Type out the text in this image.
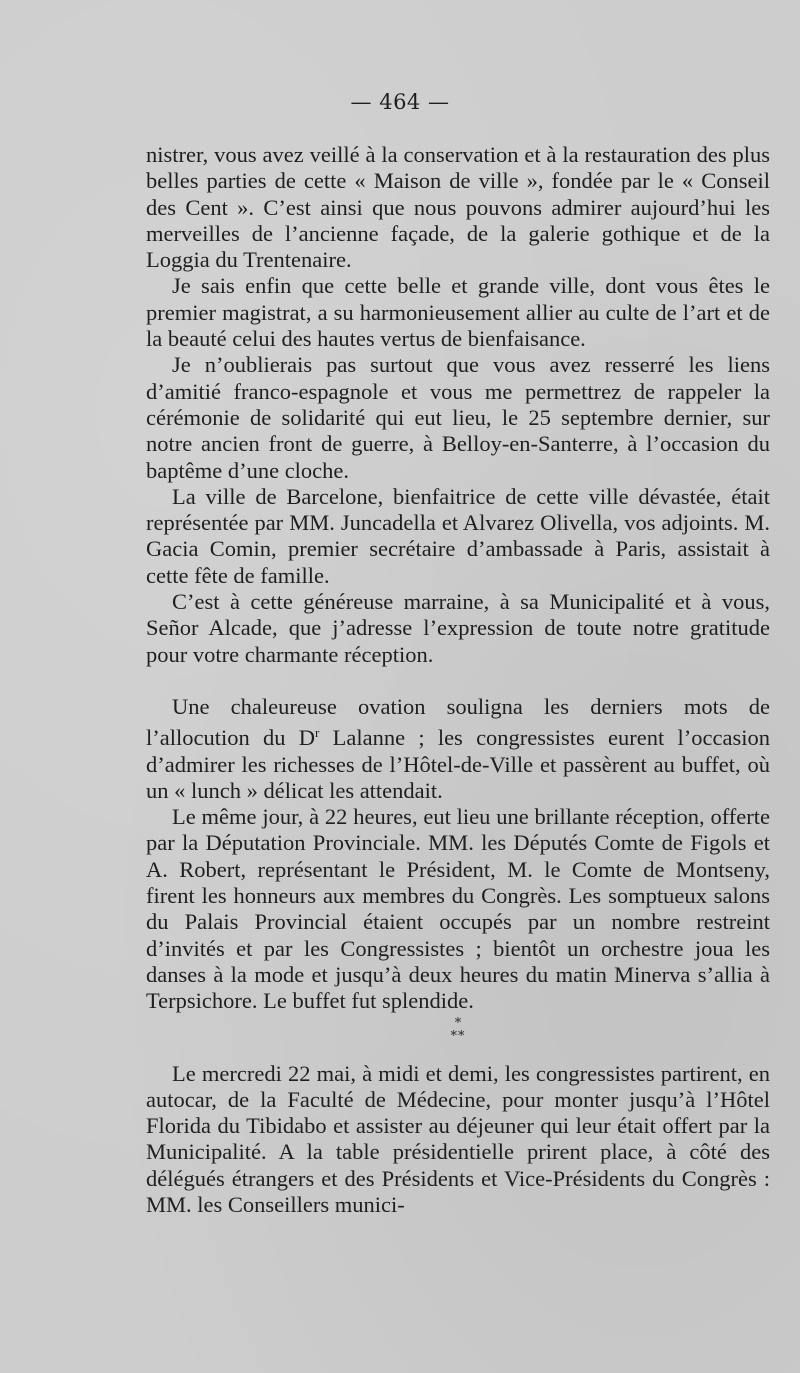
— 464 —

nistrer, vous avez veillé à la conservation et à la restauration des plus belles parties de cette « Maison de ville », fondée par le « Conseil des Cent ». C’est ainsi que nous pouvons admirer aujourd’hui les merveilles de l’ancienne façade, de la galerie gothique et de la Loggia du Trentenaire.

Je sais enfin que cette belle et grande ville, dont vous êtes le premier magistrat, a su harmonieusement allier au culte de l’art et de la beauté celui des hautes vertus de bienfaisance.

Je n’oublierais pas surtout que vous avez resserré les liens d’amitié franco-espagnole et vous me permettrez de rappeler la cérémonie de solidarité qui eut lieu, le 25 septembre dernier, sur notre ancien front de guerre, à Belloy-en-Santerre, à l’occasion du baptême d’une cloche.

La ville de Barcelone, bienfaitrice de cette ville dévastée, était représentée par MM. Juncadella et Alvarez Olivella, vos adjoints. M. Gacia Comin, premier secrétaire d’ambassade à Paris, assistait à cette fête de famille.

C’est à cette généreuse marraine, à sa Municipalité et à vous, Señor Alcade, que j’adresse l’expression de toute notre gratitude pour votre charmante réception.

Une chaleureuse ovation souligna les derniers mots de l’allocution du $D^r$ Lalanne ; les congressistes eurent l’occasion d’admirer les richesses de l’Hôtel-de-Ville et passèrent au buffet, où un « lunch » délicat les attendait.

Le même jour, à 22 heures, eut lieu une brillante réception, offerte par la Députation Provinciale. MM. les Députés Comte de Figols et A. Robert, représentant le Président, M. le Comte de Montseny, firent les honneurs aux membres du Congrès. Les somptueux salons du Palais Provincial étaient occupés par un nombre restreint d’invités et par les Congressistes ; bientôt un orchestre joua les danses à la mode et jusqu’à deux heures du matin Minerva s’allia à Terpsichore. Le buffet fut splendide.

*
**

Le mercredi 22 mai, à midi et demi, les congressistes partirent, en autocar, de la Faculté de Médecine, pour monter jusqu’à l’Hôtel Florida du Tibidabo et assister au déjeuner qui leur était offert par la Municipalité. A la table présidentielle prirent place, à côté des délégués étrangers et des Présidents et Vice-Présidents du Congrès : MM. les Conseillers munici-
